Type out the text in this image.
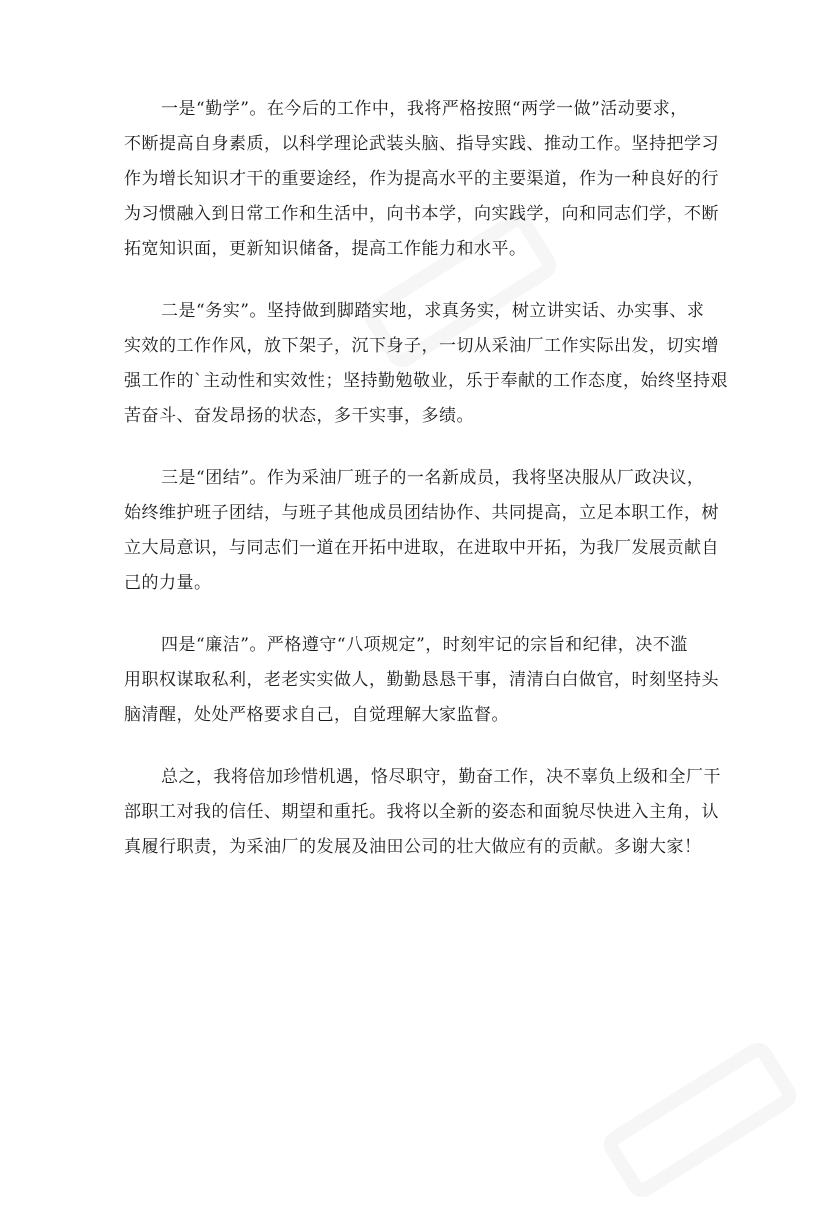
一是“勤学”。在今后的工作中，我将严格按照“两学一做”活动要求，
不断提高自身素质，以科学理论武装头脑、指导实践、推动工作。坚持把学习
作为增长知识才干的重要途经，作为提高水平的主要渠道，作为一种良好的行
为习惯融入到日常工作和生活中，向书本学，向实践学，向和同志们学，不断
拓宽知识面，更新知识储备，提高工作能力和水平。

二是“务实”。坚持做到脚踏实地，求真务实，树立讲实话、办实事、求
实效的工作作风，放下架子，沉下身子，一切从采油厂工作实际出发，切实增
强工作的`主动性和实效性；坚持勤勉敬业，乐于奉献的工作态度，始终坚持艰
苦奋斗、奋发昂扬的状态，多干实事，多绩。

三是“团结”。作为采油厂班子的一名新成员，我将坚决服从厂政决议，
始终维护班子团结，与班子其他成员团结协作、共同提高，立足本职工作，树
立大局意识，与同志们一道在开拓中进取，在进取中开拓，为我厂发展贡献自
己的力量。

四是“廉洁”。严格遵守“八项规定”，时刻牢记的宗旨和纪律，决不滥
用职权谋取私利，老老实实做人，勤勤恳恳干事，清清白白做官，时刻坚持头
脑清醒，处处严格要求自己，自觉理解大家监督。

总之，我将倍加珍惜机遇，恪尽职守，勤奋工作，决不辜负上级和全厂干
部职工对我的信任、期望和重托。我将以全新的姿态和面貌尽快进入主角，认
真履行职责，为采油厂的发展及油田公司的壮大做应有的贡献。多谢大家！
